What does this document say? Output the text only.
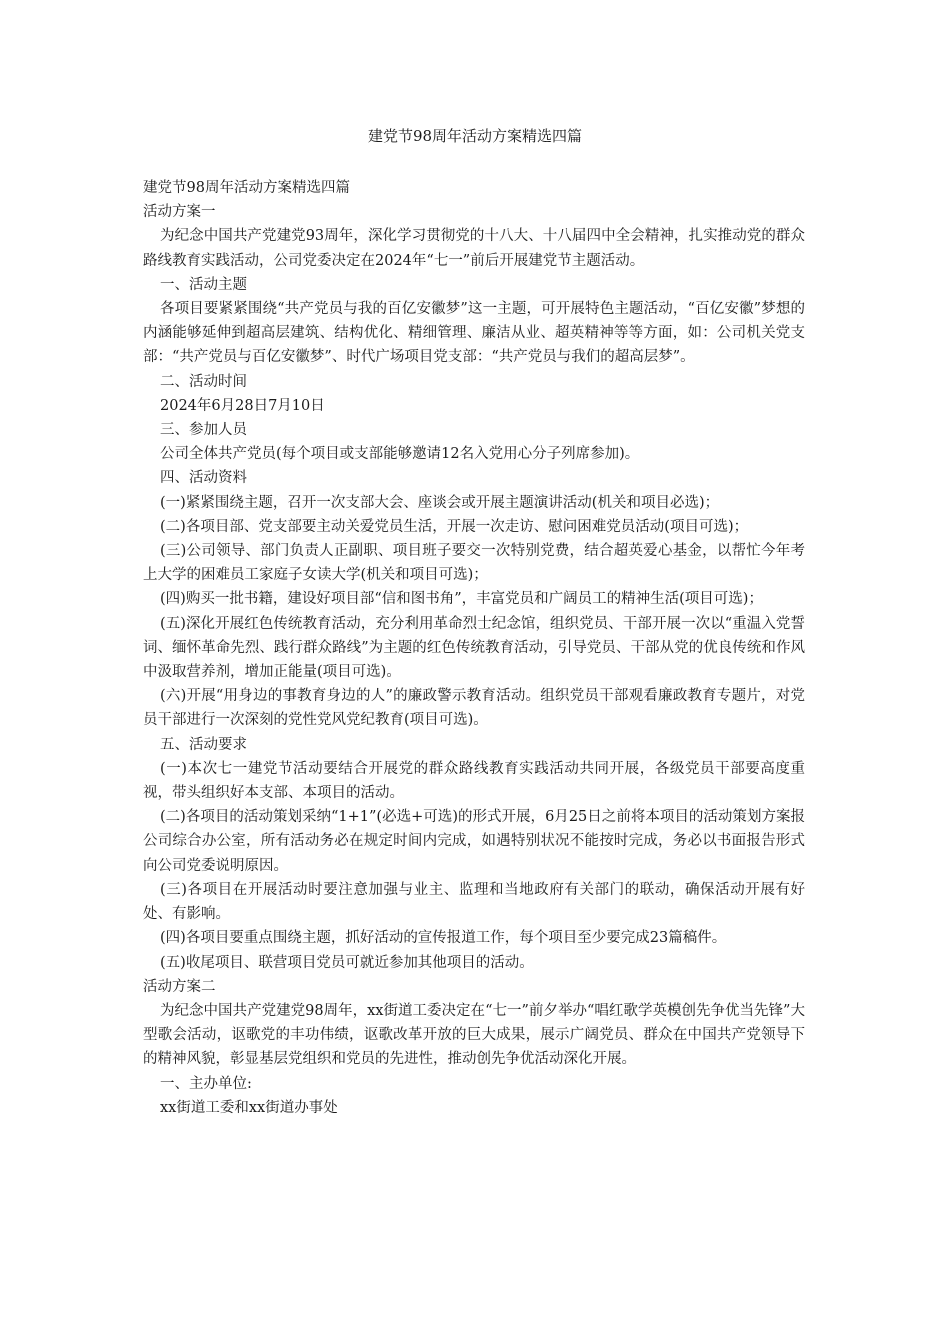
建党节98周年活动方案精选四篇
建党节98周年活动方案精选四篇
活动方案一

为纪念中国共产党建党93周年，深化学习贯彻党的十八大、十八届四中全会精神，扎实推动党的群众路线教育实践活动，公司党委决定在2024年“七一”前后开展建党节主题活动。

一、活动主题

各项目要紧紧围绕“共产党员与我的百亿安徽梦”这一主题，可开展特色主题活动，“百亿安徽”梦想的内涵能够延伸到超高层建筑、结构优化、精细管理、廉洁从业、超英精神等等方面，如：公司机关党支部：“共产党员与百亿安徽梦”、时代广场项目党支部：“共产党员与我们的超高层梦”。

二、活动时间
2024年6月28日7月10日
三、参加人员
公司全体共产党员(每个项目或支部能够邀请12名入党用心分子列席参加)。
四、活动资料

(一)紧紧围绕主题，召开一次支部大会、座谈会或开展主题演讲活动(机关和项目必选)；

(二)各项目部、党支部要主动关爱党员生活，开展一次走访、慰问困难党员活动(项目可选)；

(三)公司领导、部门负责人正副职、项目班子要交一次特别党费，结合超英爱心基金，以帮忙今年考上大学的困难员工家庭子女读大学(机关和项目可选)；

(四)购买一批书籍，建设好项目部“信和图书角”，丰富党员和广阔员工的精神生活(项目可选)；

(五)深化开展红色传统教育活动，充分利用革命烈士纪念馆，组织党员、干部开展一次以“重温入党誓词、缅怀革命先烈、践行群众路线”为主题的红色传统教育活动，引导党员、干部从党的优良传统和作风中汲取营养剂，增加正能量(项目可选)。

(六)开展“用身边的事教育身边的人”的廉政警示教育活动。组织党员干部观看廉政教育专题片，对党员干部进行一次深刻的党性党风党纪教育(项目可选)。

五、活动要求

(一)本次七一建党节活动要结合开展党的群众路线教育实践活动共同开展，各级党员干部要高度重视，带头组织好本支部、本项目的活动。

(二)各项目的活动策划采纳“1+1”(必选+可选)的形式开展，6月25日之前将本项目的活动策划方案报公司综合办公室，所有活动务必在规定时间内完成，如遇特别状况不能按时完成，务必以书面报告形式向公司党委说明原因。

(三)各项目在开展活动时要注意加强与业主、监理和当地政府有关部门的联动，确保活动开展有好处、有影响。

(四)各项目要重点围绕主题，抓好活动的宣传报道工作，每个项目至少要完成23篇稿件。

(五)收尾项目、联营项目党员可就近参加其他项目的活动。

活动方案二

为纪念中国共产党建党98周年，xx街道工委决定在“七一”前夕举办“唱红歌学英模创先争优当先锋”大型歌会活动，讴歌党的丰功伟绩，讴歌改革开放的巨大成果，展示广阔党员、群众在中国共产党领导下的精神风貌，彰显基层党组织和党员的先进性，推动创先争优活动深化开展。

一、主办单位:
xx街道工委和xx街道办事处
